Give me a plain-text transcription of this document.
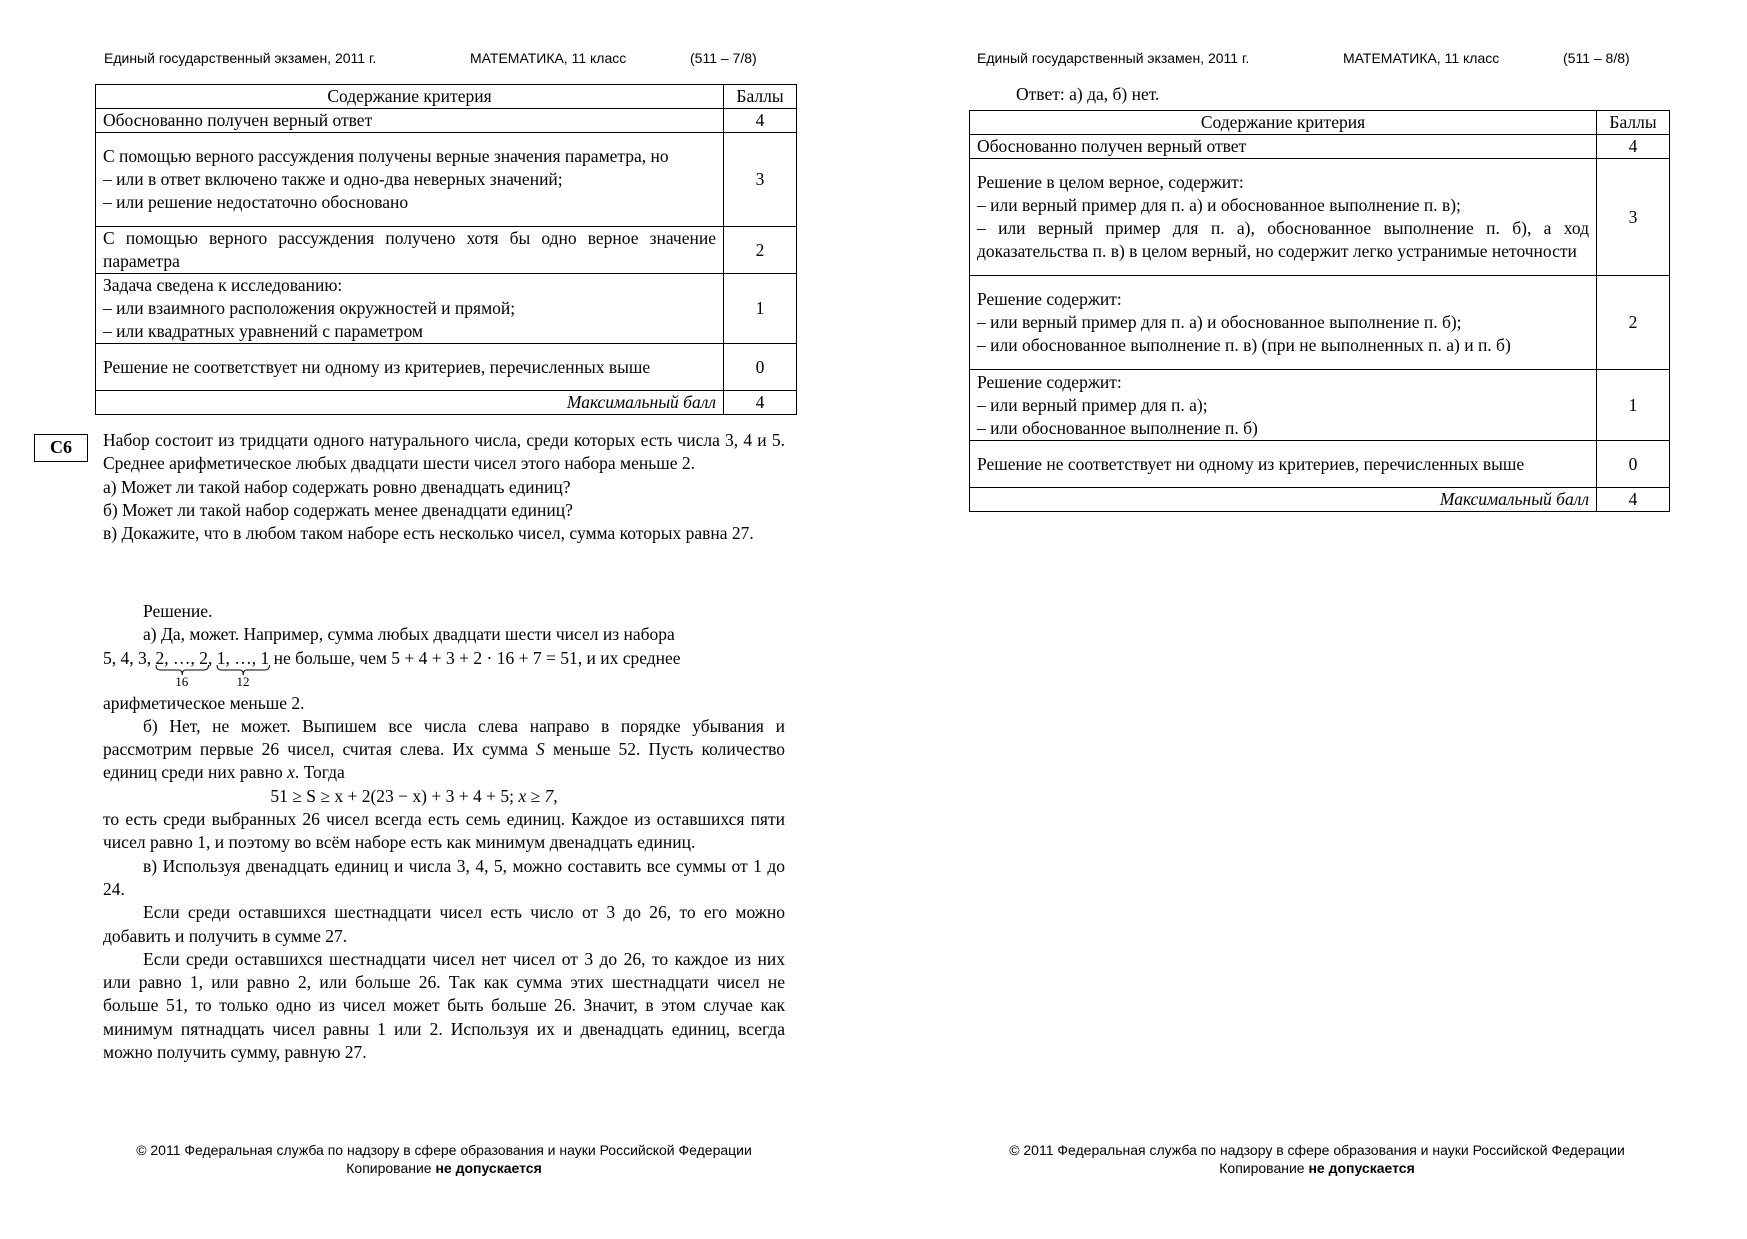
Единый государственный экзамен, 2011 г.	МАТЕМАТИКА, 11 класс	(511 – 7/8)
Содержание критерия	Баллы

Обоснованно получен верный ответ	4
С помощью верного рассуждения получены верные значения параметра, но
– или в ответ включено также и одно-два неверных значений;
– или решение недостаточно обосновано	3
С помощью верного рассуждения получено хотя бы одно верное значение параметра	2

Задача сведена к исследованию:
– или взаимного расположения окружностей и прямой;
– или квадратных уравнений с параметром	1
Решение не соответствует ни одному из критериев, перечисленных выше	0
Максимальный балл	4
C6	Набор состоит из тридцати одного натурального числа, среди которых есть числа 3, 4 и 5. Среднее арифметическое любых двадцати шести чисел этого набора меньше 2.
а) Может ли такой набор содержать ровно двенадцать единиц?
б) Может ли такой набор содержать менее двенадцати единиц?
в) Докажите, что в любом таком наборе есть несколько чисел, сумма которых равна 27.
Решение.
а) Да, может. Например, сумма любых двадцати шести чисел из набора
5, 4, 3, 2, …, 2
16
, 1, …, 1
12
не больше, чем 5 + 4 + 3 + 2 · 16 + 7 = 51, и их среднее
арифметическое меньше 2.
б) Нет, не может. Выпишем все числа слева направо в порядке убывания и рассмотрим первые 26 чисел, считая слева. Их сумма S меньше 52. Пусть количество единиц среди них равно x. Тогда
51 ≥ S ≥ x + 2(23 − x) + 3 + 4 + 5; x ≥ 7,
то есть среди выбранных 26 чисел всегда есть семь единиц. Каждое из оставшихся пяти чисел равно 1, и поэтому во всём наборе есть как минимум двенадцать единиц.
в) Используя двенадцать единиц и числа 3, 4, 5, можно составить все суммы от 1 до 24.
Если среди оставшихся шестнадцати чисел есть число от 3 до 26, то его можно добавить и получить в сумме 27.
Если среди оставшихся шестнадцати чисел нет чисел от 3 до 26, то каждое из них или равно 1, или равно 2, или больше 26. Так как сумма этих шестнадцати чисел не больше 51, то только одно из чисел может быть больше 26. Значит, в этом случае как минимум пятнадцать чисел равны 1 или 2. Используя их и двенадцать единиц, всегда можно получить сумму, равную 27.
© 2011 Федеральная служба по надзору в сфере образования и науки Российской Федерации
Копирование не допускается
Единый государственный экзамен, 2011 г.	МАТЕМАТИКА, 11 класс	(511 – 8/8)
Ответ: а) да, б) нет.
Содержание критерия	Баллы

Обоснованно получен верный ответ	4

Решение в целом верное, содержит:
– или верный пример для п. а) и обоснованное выполнение п. в);
– или верный пример для п. а), обоснованное выполнение п. б), а ход доказательства п. в) в целом верный, но содержит легко устранимые неточности	3

Решение содержит:
– или верный пример для п. а) и обоснованное выполнение п. б);
– или обоснованное выполнение п. в) (при не выполненных п. а) и п. б)	2

Решение содержит:
– или верный пример для п. а);
– или обоснованное выполнение п. б)	1
Решение не соответствует ни одному из критериев, перечисленных выше	0
Максимальный балл	4
© 2011 Федеральная служба по надзору в сфере образования и науки Российской Федерации
Копирование не допускается
